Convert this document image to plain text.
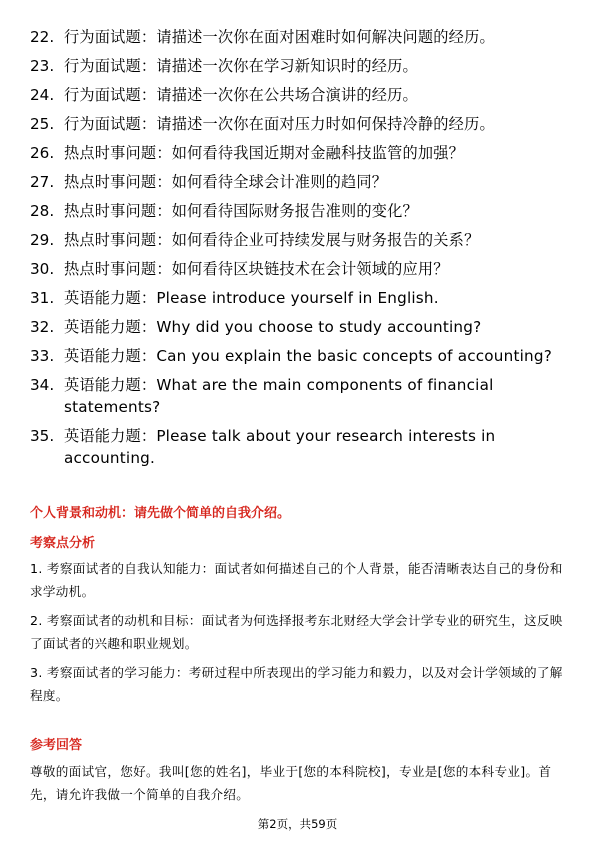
22. 行为面试题：请描述一次你在面对困难时如何解决问题的经历。
23. 行为面试题：请描述一次你在学习新知识时的经历。
24. 行为面试题：请描述一次你在公共场合演讲的经历。
25. 行为面试题：请描述一次你在面对压力时如何保持冷静的经历。
26. 热点时事问题：如何看待我国近期对金融科技监管的加强？
27. 热点时事问题：如何看待全球会计准则的趋同？
28. 热点时事问题：如何看待国际财务报告准则的变化？
29. 热点时事问题：如何看待企业可持续发展与财务报告的关系？
30. 热点时事问题：如何看待区块链技术在会计领域的应用？
31. 英语能力题：Please introduce yourself in English.
32. 英语能力题：Why did you choose to study accounting?
33. 英语能力题：Can you explain the basic concepts of accounting?
34. 英语能力题：What are the main components of financial statements?
35. 英语能力题：Please talk about your research interests in accounting.

个人背景和动机：请先做个简单的自我介绍。

考察点分析

1. 考察面试者的自我认知能力：面试者如何描述自己的个人背景，能否清晰表达自己的身份和求学动机。

2. 考察面试者的动机和目标：面试者为何选择报考东北财经大学会计学专业的研究生，这反映了面试者的兴趣和职业规划。

3. 考察面试者的学习能力：考研过程中所表现出的学习能力和毅力，以及对会计学领域的了解程度。

参考回答

尊敬的面试官，您好。我叫[您的姓名]，毕业于[您的本科院校]，专业是[您的本科专业]。首先，请允许我做一个简单的自我介绍。

第2页，共59页
